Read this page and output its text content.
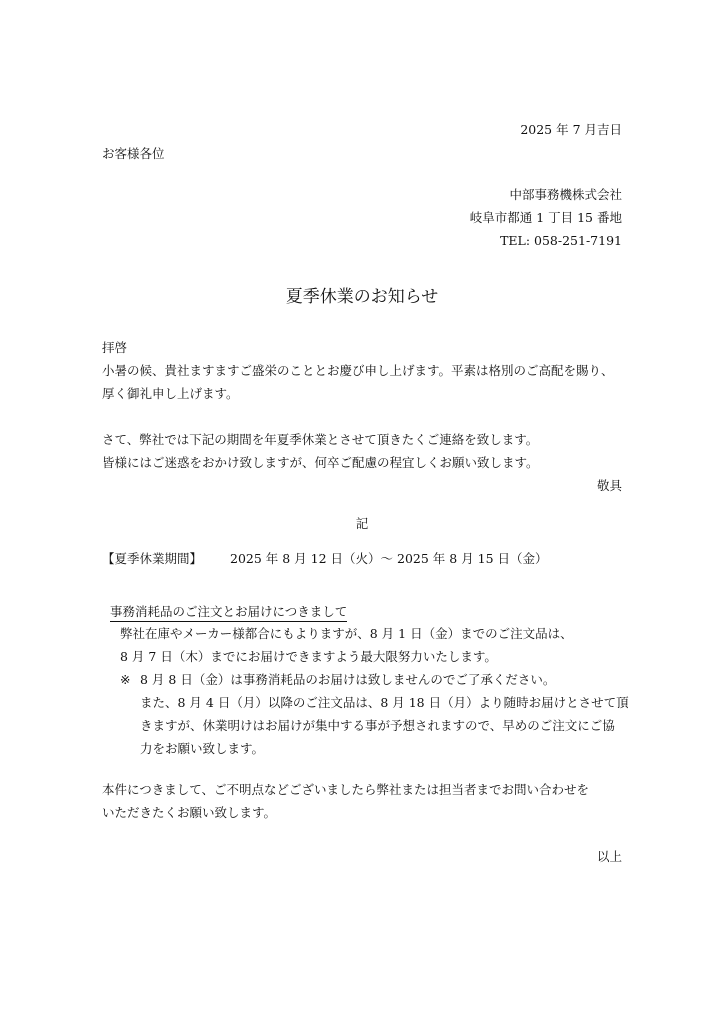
2025 年 7 月吉日
お客様各位
中部事務機株式会社
岐阜市都通 1 丁目 15 番地
TEL: 058-251-7191
夏季休業のお知らせ
拝啓
小暑の候、貴社ますますご盛栄のこととお慶び申し上げます。平素は格別のご高配を賜り、
厚く御礼申し上げます。
さて、弊社では下記の期間を年夏季休業とさせて頂きたくご連絡を致します。
皆様にはご迷惑をおかけ致しますが、何卒ご配慮の程宜しくお願い致します。
敬具
記
【夏季休業期間】 2025 年 8 月 12 日（火）～ 2025 年 8 月 15 日（金）
事務消耗品のご注文とお届けにつきまして
弊社在庫やメーカー様都合にもよりますが、8 月 1 日（金）までのご注文品は、
8 月 7 日（木）までにお届けできますよう最大限努力いたします。
※ 8 月 8 日（金）は事務消耗品のお届けは致しませんのでご了承ください。
また、8 月 4 日（月）以降のご注文品は、8 月 18 日（月）より随時お届けとさせて頂
きますが、休業明けはお届けが集中する事が予想されますので、早めのご注文にご協
力をお願い致します。
本件につきまして、ご不明点などございましたら弊社または担当者までお問い合わせを
いただきたくお願い致します。
以上
